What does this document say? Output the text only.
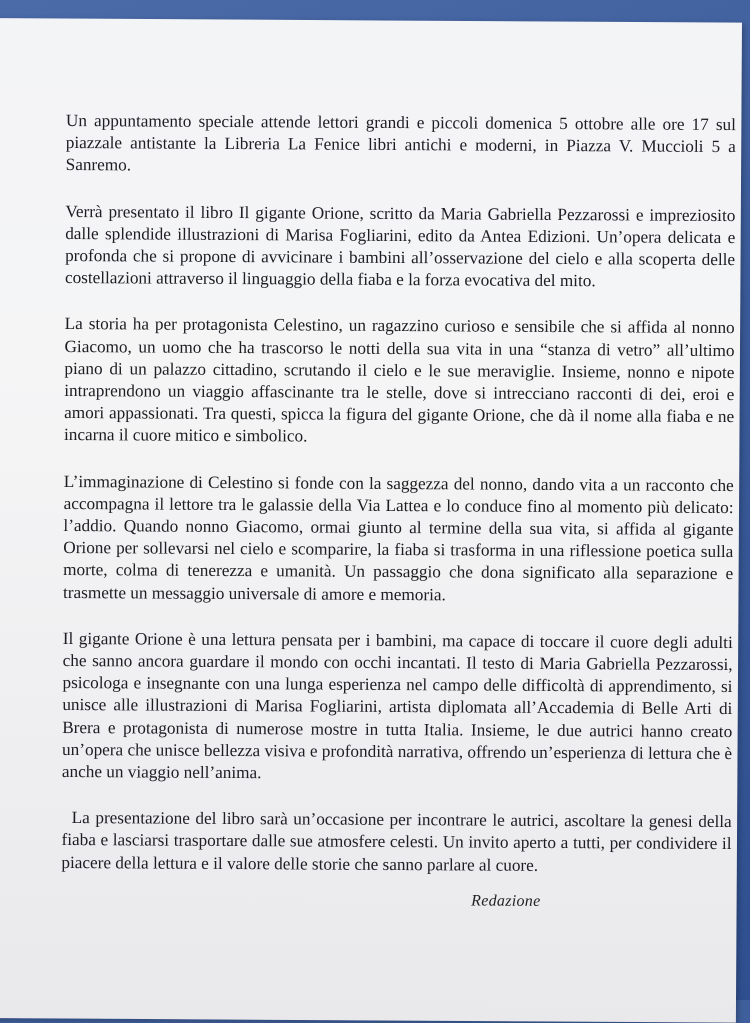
Un appuntamento speciale attende lettori grandi e piccoli domenica 5 ottobre alle ore 17 sul piazzale antistante la Libreria La Fenice libri antichi e moderni, in Piazza V. Muccioli 5 a Sanremo.

Verrà presentato il libro Il gigante Orione, scritto da Maria Gabriella Pezzarossi e impreziosito dalle splendide illustrazioni di Marisa Fogliarini, edito da Antea Edizioni. Un’opera delicata e profonda che si propone di avvicinare i bambini all’osservazione del cielo e alla scoperta delle costellazioni attraverso il linguaggio della fiaba e la forza evocativa del mito.

La storia ha per protagonista Celestino, un ragazzino curioso e sensibile che si affida al nonno Giacomo, un uomo che ha trascorso le notti della sua vita in una “stanza di vetro” all’ultimo piano di un palazzo cittadino, scrutando il cielo e le sue meraviglie. Insieme, nonno e nipote intraprendono un viaggio affascinante tra le stelle, dove si intrecciano racconti di dei, eroi e amori appassionati. Tra questi, spicca la figura del gigante Orione, che dà il nome alla fiaba e ne incarna il cuore mitico e simbolico.

L’immaginazione di Celestino si fonde con la saggezza del nonno, dando vita a un racconto che accompagna il lettore tra le galassie della Via Lattea e lo conduce fino al momento più delicato: l’addio. Quando nonno Giacomo, ormai giunto al termine della sua vita, si affida al gigante Orione per sollevarsi nel cielo e scomparire, la fiaba si trasforma in una riflessione poetica sulla morte, colma di tenerezza e umanità. Un passaggio che dona significato alla separazione e trasmette un messaggio universale di amore e memoria.

Il gigante Orione è una lettura pensata per i bambini, ma capace di toccare il cuore degli adulti che sanno ancora guardare il mondo con occhi incantati. Il testo di Maria Gabriella Pezzarossi, psicologa e insegnante con una lunga esperienza nel campo delle difficoltà di apprendimento, si unisce alle illustrazioni di Marisa Fogliarini, artista diplomata all’Accademia di Belle Arti di Brera e protagonista di numerose mostre in tutta Italia. Insieme, le due autrici hanno creato un’opera che unisce bellezza visiva e profondità narrativa, offrendo un’esperienza di lettura che è anche un viaggio nell’anima.

La presentazione del libro sarà un’occasione per incontrare le autrici, ascoltare la genesi della fiaba e lasciarsi trasportare dalle sue atmosfere celesti. Un invito aperto a tutti, per condividere il piacere della lettura e il valore delle storie che sanno parlare al cuore.

Redazione
